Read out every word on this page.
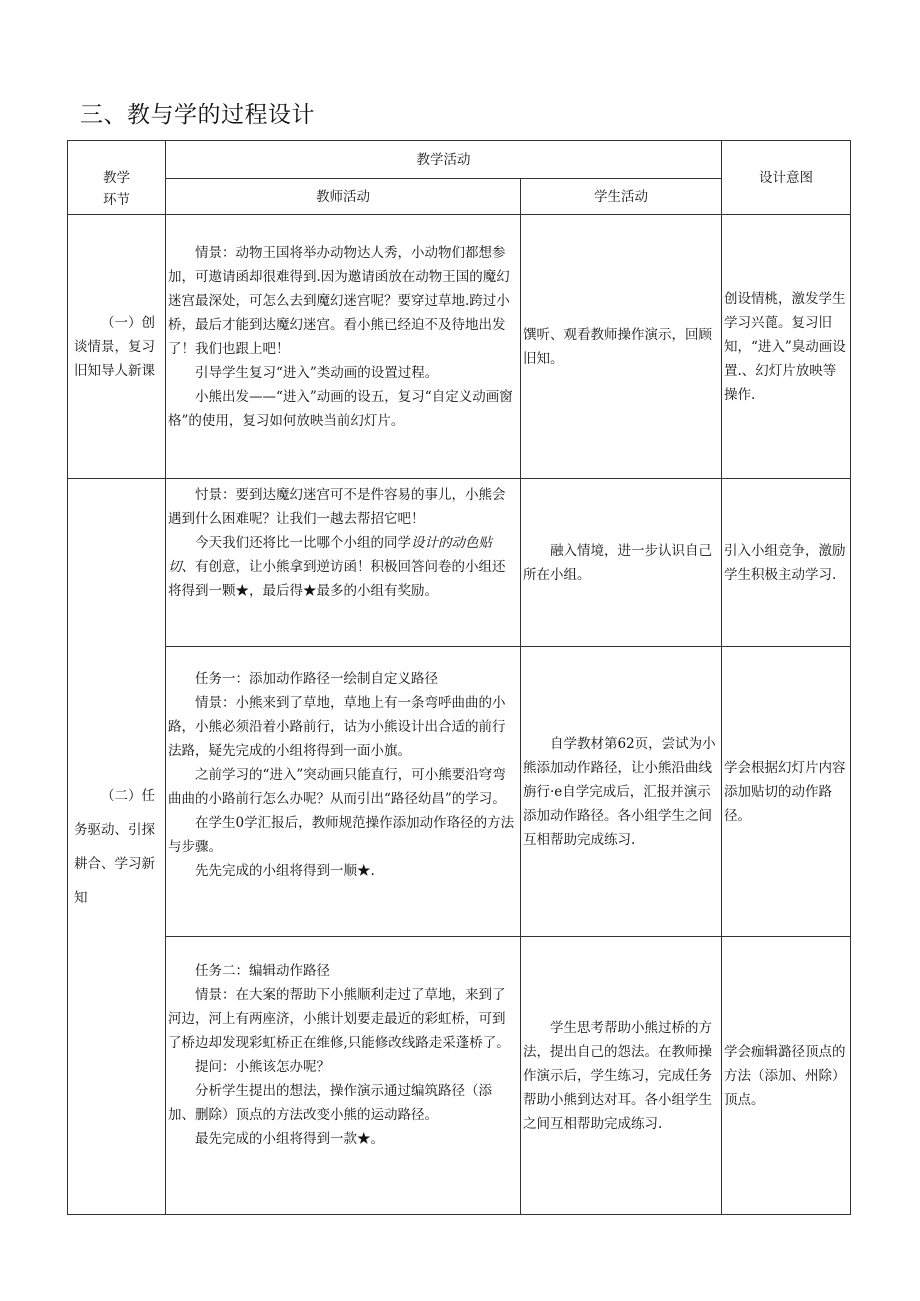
三、教与学的过程设计

教学
环节	教学活动		设计意图
	教师活动	学生活动	
（一）创谈情景，复习旧知导人新课	情景：动物王国将举办动物达人秀，小动物们都想参加，可遨请函却很难得到.因为邀请函放在动物王国的魔幻迷宫最深处，可怎么去到魔幻迷宫呢？要穿过草地.跨过小桥，最后才能到达魔幻迷宫。看小熊已经迫不及待地出发了！我们也跟上吧！

引导学生复习“进入”类动画的设置过程。

小熊出发——“进入”动画的设五，复习“自定义动画窗格”的使用，复习如何放映当前幻灯片。	馔听、观看教师操作演示，回顾旧知。	创设情桃，激发学生学习兴蓖。复习旧知，“进入”臭动画设置.、幻灯片放映等操作.

（二）任务驱动、引探耕合、学习新知	忖景：要到达魔幻迷宫可不是件容易的事儿，小熊会遇到什么困难呢？让我们一越去帮招它吧！

今天我们还将比一比哪个小组的同学设计的动色贴切、有创意，让小熊拿到逆访函！积极回答问卷的小组还将得到一颗★，最后得★最多的小组有奖励。	融入情境，进一步认识自己所在小组。	引入小组竞争，激励学生积极主动学习.

	任务一：添加动作路径一绘制自定义路径

情景：小熊来到了草地，草地上有一条弯呼曲曲的小路，小熊必须沿着小路前行，诂为小熊设计出合适的前行法路，疑先完成的小组将得到一面小旗。

之前学习的“进入”突动画只能直行，可小熊要沿穹弯曲曲的小路前行怎么办呢？从而引出“路径幼昌”的学习。

在学生0学汇报后，教师规范操作添加动作珞径的方法与步骤。

先先完成的小组将得到一顺★.	自学教材第62页，尝试为小熊添加动作路径，让小熊沿曲线旃行·e自学完成后，汇报并演示添加动作路径。各小组学生之间互相帮助完成练习.	学会根据幻灯片内容添加贴切的动作路径。

	任务二：编辑动作路径

情景：在大案的帮助下小熊顺利走过了草地，来到了河边，河上有两座济，小熊计划要走最近的彩虹桥，可到了桥边却发现彩虹桥正在维修,只能修改线路走采蓬桥了。

提问：小熊该怎办呢？

分析学生提出的想法，操作演示通过编筑路径（添加、删除）顶点的方法改变小熊的运动路径。

最先完成的小组将得到一款★。	学生思考帮助小熊过桥的方法，提出自己的怨法。在教师操作演示后，学生练习，完成任务帮助小熊到达对耳。各小组学生之间互相帮助完成练习.	学会痂辑潞径顶点的方法（添加、州除）顶点。
